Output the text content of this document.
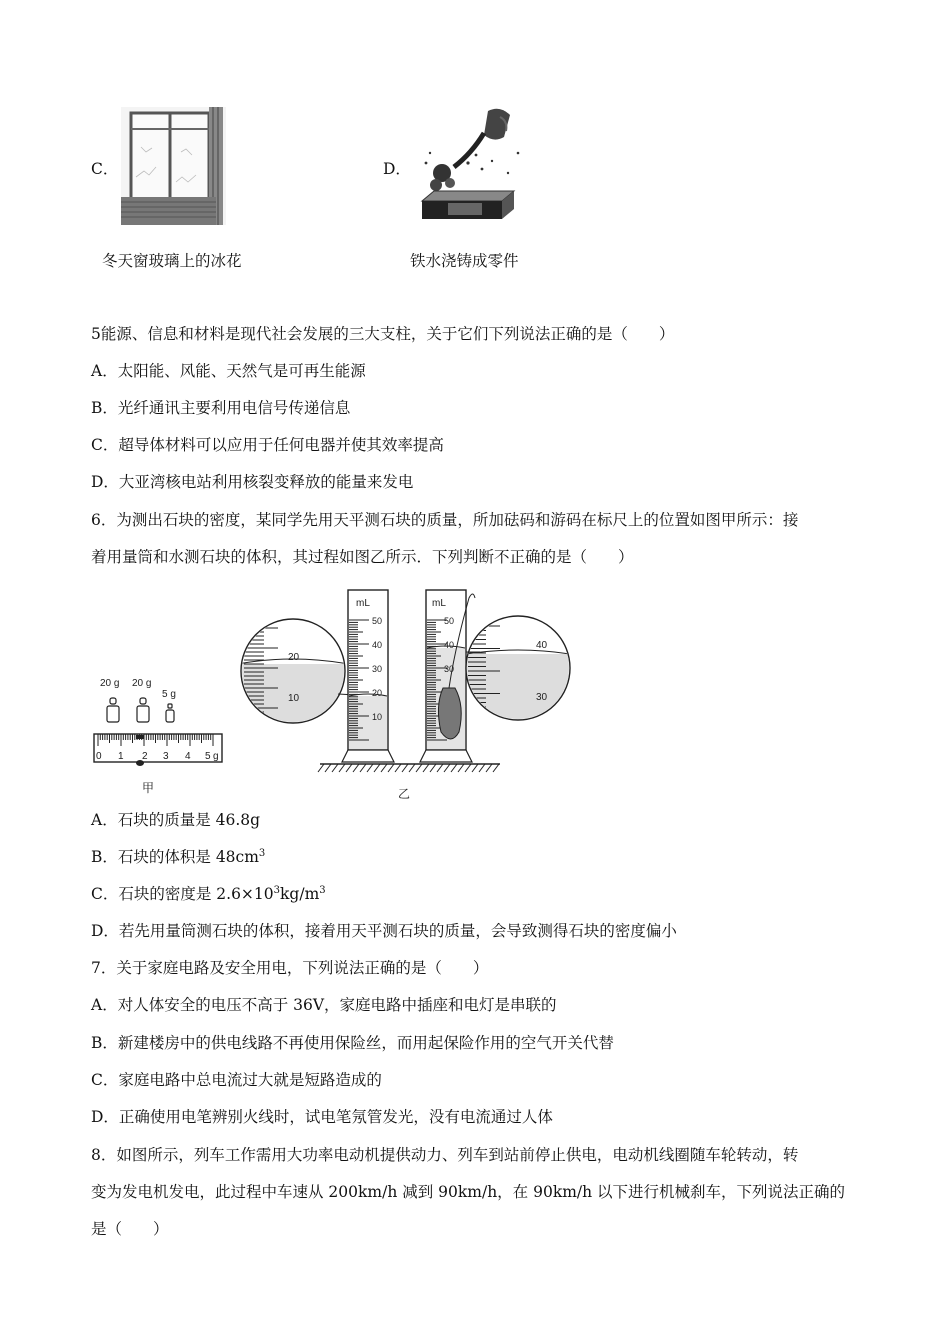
C．
冬天窗玻璃上的冰花
D．
铁水浇铸成零件
5能源、信息和材料是现代社会发展的三大支柱，关于它们下列说法正确的是（　　）
A．太阳能、风能、天然气是可再生能源
B．光纤通讯主要利用电信号传递信息
C．超导体材料可以应用于任何电器并使其效率提高
D．大亚湾核电站利用核裂变释放的能量来发电
6．为测出石块的密度，某同学先用天平测石块的质量，所加砝码和游码在标尺上的位置如图甲所示：接
着用量筒和水测石块的体积，其过程如图乙所示．下列判断不正确的是（　　）
20 g 20 g
5 g
0 1 2 3 4 5 g
甲
20
10
mL
50
40
30
20
10
mL
50
40
30
40
30
乙
A．石块的质量是 46.8g
B．石块的体积是 $48cm^3$
C．石块的密度是 $2.6\times 10^3kg/m^3$
D．若先用量筒测石块的体积，接着用天平测石块的质量，会导致测得石块的密度偏小
7．关于家庭电路及安全用电，下列说法正确的是（　　）
A．对人体安全的电压不高于 36V，家庭电路中插座和电灯是串联的
B．新建楼房中的供电线路不再使用保险丝，而用起保险作用的空气开关代替
C．家庭电路中总电流过大就是短路造成的
D．正确使用电笔辨别火线时，试电笔氖管发光，没有电流通过人体
8．如图所示，列车工作需用大功率电动机提供动力、列车到站前停止供电，电动机线圈随车轮转动，转
变为发电机发电，此过程中车速从 200km/h 减到 90km/h，在 90km/h 以下进行机械刹车，下列说法正确的
是（　　）
